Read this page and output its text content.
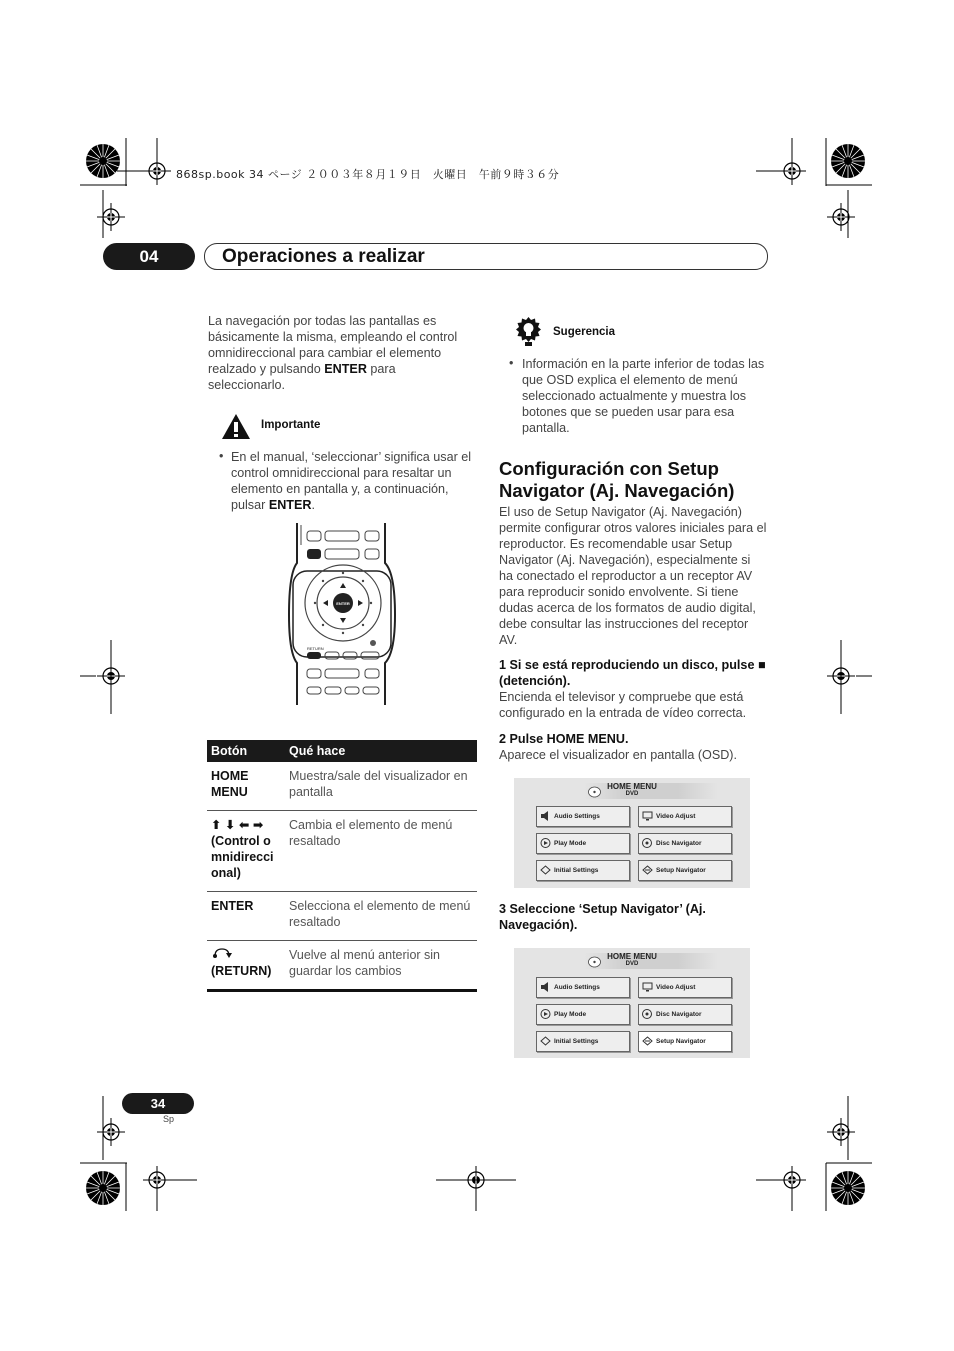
868sp.book 34 ページ ２００３年８月１９日　火曜日　午前９時３６分
04	Operaciones a realizar

La navegación por todas las pantallas es básicamente la misma, empleando el control omnidireccional para cambiar el elemento realzado y pulsando ENTER para seleccionarlo.

Importante
• En el manual, ‘seleccionar’ significa usar el control omnidireccional para resaltar un elemento en pantalla y, a continuación, pulsar ENTER.

ENTER
RETURN
Botón	Qué hace
HOME MENU	Muestra/sale del visualizador en pantalla

⬆ ⬇ ⬅ ➡
(Control omnidireccional)	Cambia el elemento de menú resaltado
ENTER	Selecciona el elemento de menú resaltado

(RETURN)	Vuelve al menú anterior sin guardar los cambios
Sugerencia
• Información en la parte inferior de todas las que OSD explica el elemento de menú seleccionado actualmente y muestra los botones que se pueden usar para esa pantalla.
Configuración con Setup Navigator (Aj. Navegación)
El uso de Setup Navigator (Aj. Navegación) permite configurar otros valores iniciales para el reproductor. Es recomendable usar Setup Navigator (Aj. Navegación), especialmente si ha conectado el reproductor a un receptor AV para reproducir sonido envolvente. Si tiene dudas acerca de los formatos de audio digital, debe consultar las instrucciones del receptor AV.
1 Si se está reproduciendo un disco, pulse ■ (detención).
Encienda el televisor y compruebe que está configurado en la entrada de vídeo correcta.
2 Pulse HOME MENU.
Aparece el visualizador en pantalla (OSD).
HOME MENU
DVD
Audio Settings	Video Adjust
Play Mode	Disc Navigator
Initial Settings	Setup Navigator
3 Seleccione ‘Setup Navigator’ (Aj. Navegación).
HOME MENU
DVD
Audio Settings	Video Adjust
Play Mode	Disc Navigator
Initial Settings	Setup Navigator
34
Sp
